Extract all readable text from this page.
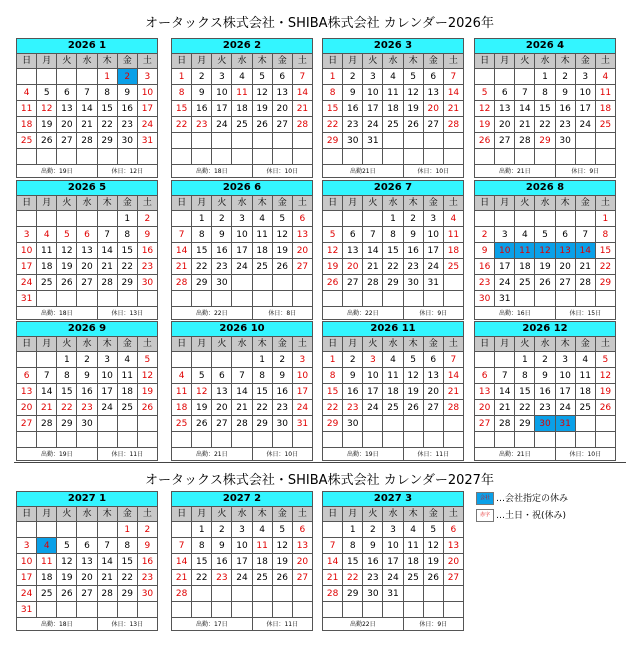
オータックス株式会社・SHIBA株式会社 カレンダー2026年
オータックス株式会社・SHIBA株式会社 カレンダー2027年
2026 1						
日	月	火	水	木	金	土
				1	2	3
4	5	6	7	8	9	10
11	12	13	14	15	16	17
18	19	20	21	22	23	24
25	26	27	28	29	30	31

出勤：19日				休日：12日		
2026 2						
日	月	火	水	木	金	土
1	2	3	4	5	6	7
8	9	10	11	12	13	14
15	16	17	18	19	20	21
22	23	24	25	26	27	28

出勤：18日				休日：10日		
2026 3						
日	月	火	水	木	金	土
1	2	3	4	5	6	7
8	9	10	11	12	13	14
15	16	17	18	19	20	21
22	23	24	25	26	27	28
29	30	31				

出勤21日				休日：10日		
2026 4						
日	月	火	水	木	金	土
			1	2	3	4
5	6	7	8	9	10	11
12	13	14	15	16	17	18
19	20	21	22	23	24	25
26	27	28	29	30		

出勤：21日				休日：9日		
2026 5						
日	月	火	水	木	金	土
					1	2
3	4	5	6	7	8	9
10	11	12	13	14	15	16
17	18	19	20	21	22	23
24	25	26	27	28	29	30
31						
出勤：18日				休日：13日		
2026 6						
日	月	火	水	木	金	土
	1	2	3	4	5	6
7	8	9	10	11	12	13
14	15	16	17	18	19	20
21	22	23	24	25	26	27
28	29	30				

出勤：22日				休日：8日		
2026 7						
日	月	火	水	木	金	土
			1	2	3	4
5	6	7	8	9	10	11
12	13	14	15	16	17	18
19	20	21	22	23	24	25
26	27	28	29	30	31	

出勤：22日				休日：9日		
2026 8						
日	月	火	水	木	金	土
						1
2	3	4	5	6	7	8
9	10	11	12	13	14	15
16	17	18	19	20	21	22
23	24	25	26	27	28	29
30	31					
出勤：16日				休日：15日		
2026 9						
日	月	火	水	木	金	土
		1	2	3	4	5
6	7	8	9	10	11	12
13	14	15	16	17	18	19
20	21	22	23	24	25	26
27	28	29	30			

出勤：19日				休日：11日		
2026 10						
日	月	火	水	木	金	土
				1	2	3
4	5	6	7	8	9	10
11	12	13	14	15	16	17
18	19	20	21	22	23	24
25	26	27	28	29	30	31

出勤：21日				休日：10日		
2026 11						
日	月	火	水	木	金	土
1	2	3	4	5	6	7
8	9	10	11	12	13	14
15	16	17	18	19	20	21
22	23	24	25	26	27	28
29	30					

出勤：19日				休日：11日		
2026 12						
日	月	火	水	木	金	土
		1	2	3	4	5
6	7	8	9	10	11	12
13	14	15	16	17	18	19
20	21	22	23	24	25	26
27	28	29	30	31		

出勤：21日				休日：10日		
2027 1						
日	月	火	水	木	金	土
					1	2
3	4	5	6	7	8	9
10	11	12	13	14	15	16
17	18	19	20	21	22	23
24	25	26	27	28	29	30
31						
出勤：18日				休日：13日		
2027 2						
日	月	火	水	木	金	土
	1	2	3	4	5	6
7	8	9	10	11	12	13
14	15	16	17	18	19	20
21	22	23	24	25	26	27
28						

出勤：17日				休日：11日		
2027 3						
日	月	火	水	木	金	土
	1	2	3	4	5	6
7	8	9	10	11	12	13
14	15	16	17	18	19	20
21	22	23	24	25	26	27
28	29	30	31			

出勤22日				休日：9日		
会社 …会社指定の休み
赤字 …土日・祝(休み)
